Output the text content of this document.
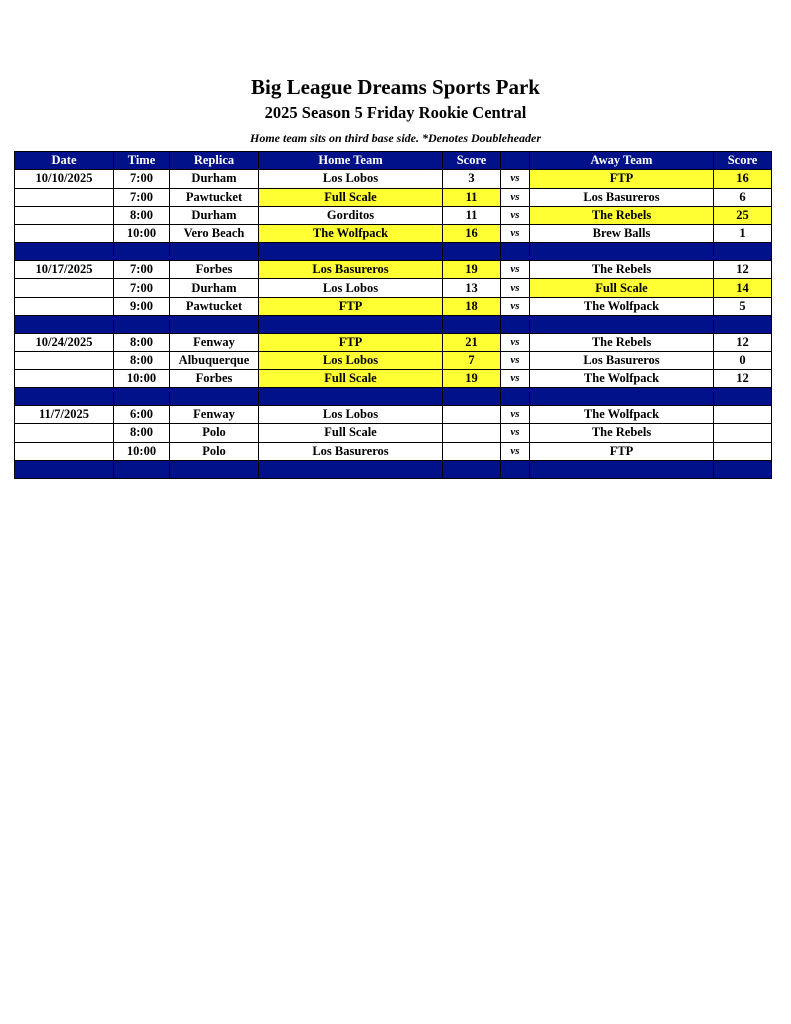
Big League Dreams Sports Park
2025 Season 5 Friday Rookie Central
Home team sits on third base side. *Denotes Doubleheader
Date	Time	Replica	Home Team	Score		Away Team	Score
10/10/2025	7:00	Durham	Los Lobos	3	vs	FTP	16
	7:00	Pawtucket	Full Scale	11	vs	Los Basureros	6
	8:00	Durham	Gorditos	11	vs	The Rebels	25
	10:00	Vero Beach	The Wolfpack	16	vs	Brew Balls	1

10/17/2025	7:00	Forbes	Los Basureros	19	vs	The Rebels	12
	7:00	Durham	Los Lobos	13	vs	Full Scale	14
	9:00	Pawtucket	FTP	18	vs	The Wolfpack	5

10/24/2025	8:00	Fenway	FTP	21	vs	The Rebels	12
	8:00	Albuquerque	Los Lobos	7	vs	Los Basureros	0
	10:00	Forbes	Full Scale	19	vs	The Wolfpack	12

11/7/2025	6:00	Fenway	Los Lobos		vs	The Wolfpack	
	8:00	Polo	Full Scale		vs	The Rebels	
	10:00	Polo	Los Basureros		vs	FTP	
